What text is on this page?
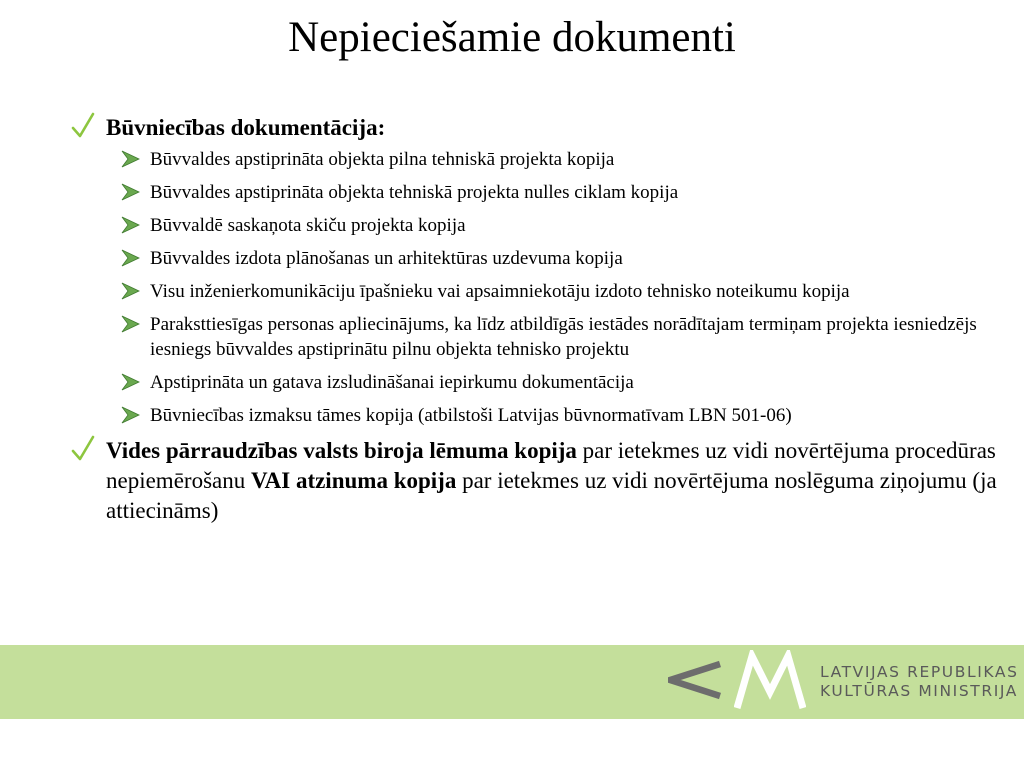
Nepieciešamie dokumenti
Būvniecības dokumentācija:
Būvvaldes apstiprināta objekta pilna tehniskā projekta kopija
Būvvaldes apstiprināta objekta tehniskā projekta nulles ciklam kopija
Būvvaldē saskaņota skiču projekta kopija
Būvvaldes izdota plānošanas un arhitektūras uzdevuma kopija
Visu inženierkomunikāciju īpašnieku vai apsaimniekotāju izdoto tehnisko noteikumu kopija
Paraksttiesīgas personas apliecinājums, ka līdz atbildīgās iestādes norādītajam termiņam projekta iesniedzējs iesniegs būvvaldes apstiprinātu pilnu objekta tehnisko projektu
Apstiprināta un gatava izsludināšanai iepirkumu dokumentācija
Būvniecības izmaksu tāmes kopija (atbilstoši Latvijas būvnormatīvam LBN 501-06)
Vides pārraudzības valsts biroja lēmuma kopija par ietekmes uz vidi novērtējuma procedūras nepiemērošanu VAI atzinuma kopija par ietekmes uz vidi novērtējuma noslēguma ziņojumu (ja attiecināms)
LATVIJAS REPUBLIKAS
KULTŪRAS MINISTRIJA
